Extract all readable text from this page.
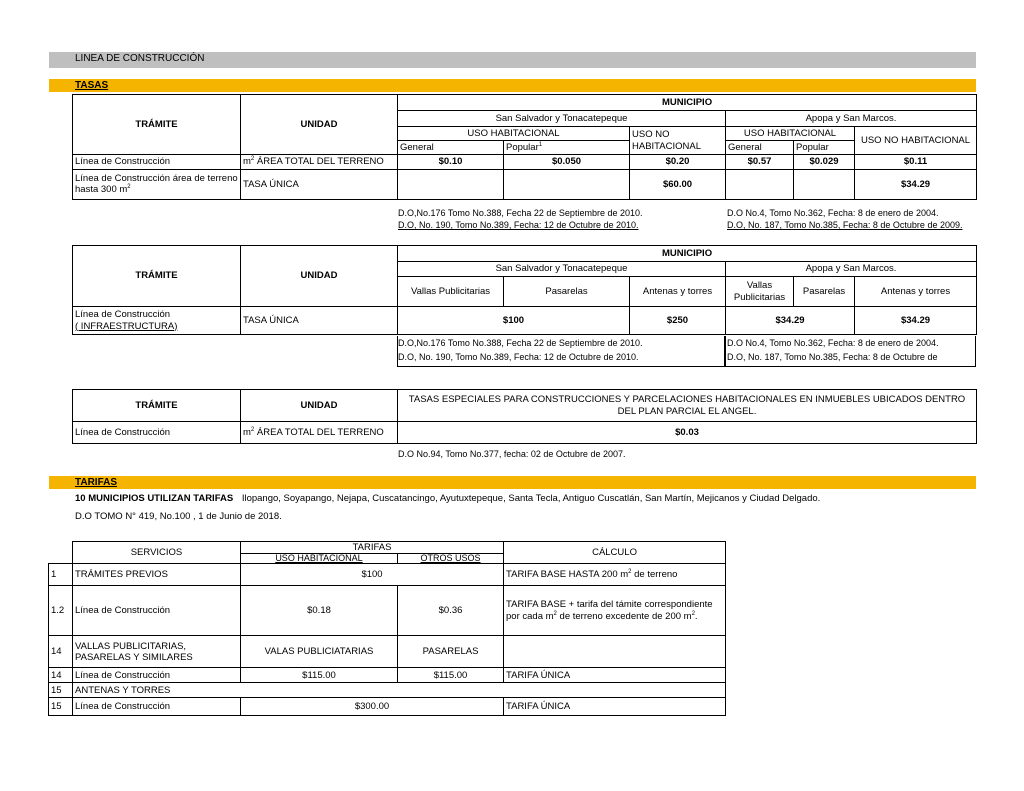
LINEA DE CONSTRUCCIÓN
TASAS
TRÁMITE	UNIDAD	MUNICIPIO					
		San Salvador y Tonacatepeque			Apopa y San Marcos.		
		USO HABITACIONAL		USO NO HABITACIONAL	USO HABITACIONAL		USO NO HABITACIONAL
		General	Popular$^1$		General	Popular	
Línea de Construcción	$m^2$ ÁREA TOTAL DEL TERRENO	$0.10	$0.050	$0.20	$0.57	$0.029	$0.11
Línea de Construcción área de terreno hasta 300 $m^2$	TASA ÚNICA			$60.00			$34.29
D.O,No.176 Tomo No.388, Fecha 22 de Septiembre de 2010.
D.O, No. 190, Tomo No.389, Fecha: 12 de Octubre de 2010.
D.O No.4, Tomo No.362, Fecha: 8 de enero de 2004.
D.O, No. 187, Tomo No.385, Fecha: 8 de Octubre de 2009.
TRÁMITE	UNIDAD	MUNICIPIO					
		San Salvador y Tonacatepeque			Apopa y San Marcos.		
		Vallas Publicitarias	Pasarelas	Antenas y torres	Vallas Publicitarias	Pasarelas	Antenas y torres

Línea de Construcción
( INFRAESTRUCTURA)	TASA ÚNICA	$100		$250	$34.29		$34.29
D.O,No.176 Tomo No.388, Fecha 22 de Septiembre de 2010.
D.O, No. 190, Tomo No.389, Fecha: 12 de Octubre de 2010.
D.O No.4, Tomo No.362, Fecha: 8 de enero de 2004.
D.O, No. 187, Tomo No.385, Fecha: 8 de Octubre de
TRÁMITE	UNIDAD	TASAS ESPECIALES PARA CONSTRUCCIONES Y PARCELACIONES HABITACIONALES EN INMUEBLES UBICADOS DENTRO DEL PLAN PARCIAL EL ANGEL.
Línea de Construcción	$m^2$ ÁREA TOTAL DEL TERRENO	$0.03
D.O No.94, Tomo No.377, fecha: 02 de Octubre de 2007.
TARIFAS
10 MUNICIPIOS UTILIZAN TARIFAS Ilopango, Soyapango, Nejapa, Cuscatancingo, Ayutuxtepeque, Santa Tecla, Antiguo Cuscatlán, San Martín, Mejicanos y Ciudad Delgado.
D.O TOMO N° 419, No.100 , 1 de Junio de 2018.
	SERVICIOS	TARIFAS		CÁLCULO
		USO HABITACIONAL	OTROS USOS	
1	TRÁMITES PREVIOS	$100		TARIFA BASE HASTA 200 $m^2$ de terreno
1.2	Línea de Construcción	$0.18	$0.36	TARIFA BASE + tarifa del támite correspondiente
por cada $m^2$ de terreno excedente de 200 $m^2$.

14	VALLAS PUBLICITARIAS, PASARELAS Y SIMILARES	VALAS PUBLICIATARIAS	PASARELAS	
14	Línea de Construcción	$115.00	$115.00	TARIFA ÚNICA
15	ANTENAS Y TORRES			
15	Línea de Construcción	$300.00		TARIFA ÚNICA
